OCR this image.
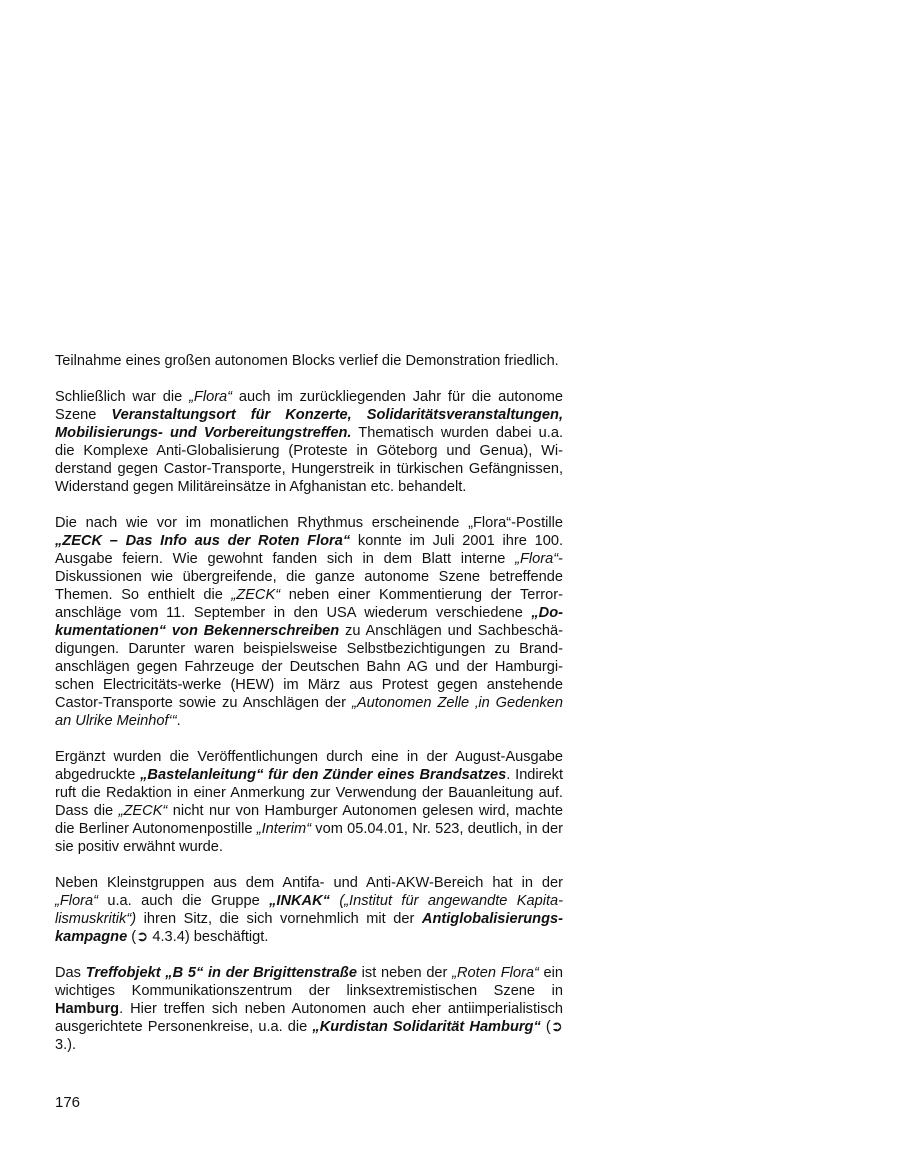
Teilnahme eines großen autonomen Blocks verlief die Demonstration friedlich.

Schließlich war die „Flora“ auch im zurückliegenden Jahr für die autonome Szene Veranstaltungsort für Konzerte, Solidaritätsveranstaltungen, Mobilisierungs- und Vorbereitungstreffen. Thematisch wurden dabei u.a. die Komplexe Anti-Globalisierung (Proteste in Göteborg und Genua), Widerstand gegen Castor-Transporte, Hungerstreik in türkischen Gefängnissen, Widerstand gegen Militäreinsätze in Afghanistan etc. behandelt.

Die nach wie vor im monatlichen Rhythmus erscheinende „Flora“-Postille „ZECK – Das Info aus der Roten Flora“ konnte im Juli 2001 ihre 100. Ausgabe feiern. Wie gewohnt fanden sich in dem Blatt interne „Flora“-Diskussionen wie übergreifende, die ganze autonome Szene betreffende Themen. So enthielt die „ZECK“ neben einer Kommentierung der Terroranschläge vom 11. September in den USA wiederum verschiedene „Dokumentationen“ von Bekennerschreiben zu Anschlägen und Sachbeschädigungen. Darunter waren beispielsweise Selbstbezichtigungen zu Brandanschlägen gegen Fahrzeuge der Deutschen Bahn AG und der Hamburgischen Electricitäts-werke (HEW) im März aus Protest gegen anstehende Castor-Transporte sowie zu Anschlägen der „Autonomen Zelle ‚in Gedenken an Ulrike Meinhof‘“.

Ergänzt wurden die Veröffentlichungen durch eine in der August-Ausgabe abgedruckte „Bastelanleitung“ für den Zünder eines Brandsatzes. Indirekt ruft die Redaktion in einer Anmerkung zur Verwendung der Bauanleitung auf. Dass die „ZECK“ nicht nur von Hamburger Autonomen gelesen wird, machte die Berliner Autonomenpostille „Interim“ vom 05.04.01, Nr. 523, deutlich, in der sie positiv erwähnt wurde.

Neben Kleinstgruppen aus dem Antifa- und Anti-AKW-Bereich hat in der „Flora“ u.a. auch die Gruppe „INKAK“ („Institut für angewandte Kapitalismuskritik“) ihren Sitz, die sich vornehmlich mit der Antiglobalisierungskampagne (➲ 4.3.4) beschäftigt.

Das Treffobjekt „B 5“ in der Brigittenstraße ist neben der „Roten Flora“ ein wichtiges Kommunikationszentrum der linksextremistischen Szene in Hamburg. Hier treffen sich neben Autonomen auch eher antiimperialistisch ausgerichtete Personenkreise, u.a. die „Kurdistan Solidarität Hamburg“ (➲ 3.).

176
